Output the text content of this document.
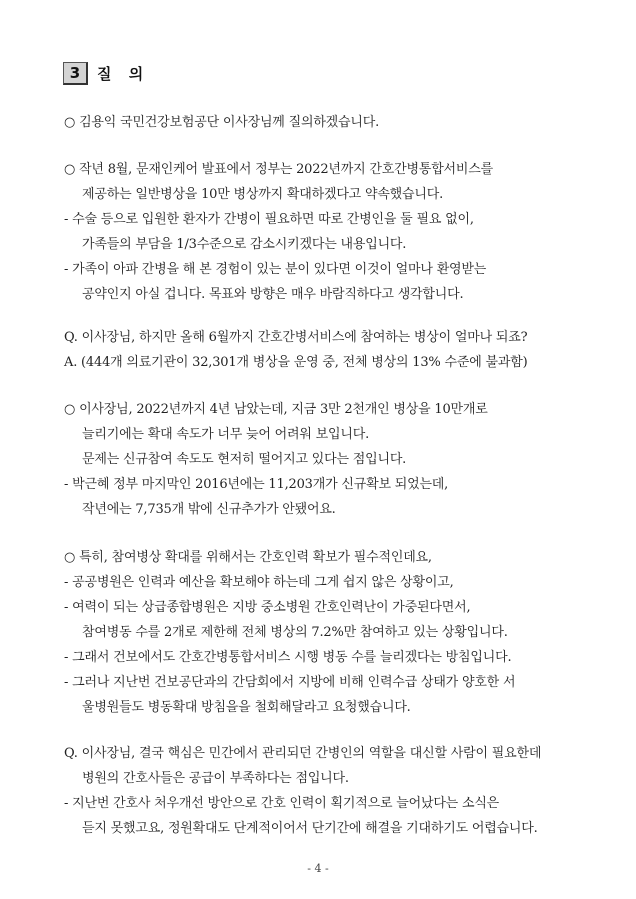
3	질 의
○ 김용익 국민건강보험공단 이사장님께 질의하겠습니다.
○ 작년 8월, 문재인케어 발표에서 정부는 2022년까지 간호간병통합서비스를
제공하는 일반병상을 10만 병상까지 확대하겠다고 약속했습니다.
- 수술 등으로 입원한 환자가 간병이 필요하면 따로 간병인을 둘 필요 없이,
가족들의 부담을 1/3수준으로 감소시키겠다는 내용입니다.
- 가족이 아파 간병을 해 본 경험이 있는 분이 있다면 이것이 얼마나 환영받는
공약인지 아실 겁니다. 목표와 방향은 매우 바람직하다고 생각합니다.
Q. 이사장님, 하지만 올해 6월까지 간호간병서비스에 참여하는 병상이 얼마나 되죠?
A. (444개 의료기관이 32,301개 병상을 운영 중, 전체 병상의 13% 수준에 불과함)
○ 이사장님, 2022년까지 4년 남았는데, 지금 3만 2천개인 병상을 10만개로
늘리기에는 확대 속도가 너무 늦어 어려워 보입니다.
문제는 신규참여 속도도 현저히 떨어지고 있다는 점입니다.
- 박근혜 정부 마지막인 2016년에는 11,203개가 신규확보 되었는데,
작년에는 7,735개 밖에 신규추가가 안됐어요.
○ 특히, 참여병상 확대를 위해서는 간호인력 확보가 필수적인데요,
- 공공병원은 인력과 예산을 확보해야 하는데 그게 쉽지 않은 상황이고,
- 여력이 되는 상급종합병원은 지방 중소병원 간호인력난이 가중된다면서,
참여병동 수를 2개로 제한해 전체 병상의 7.2%만 참여하고 있는 상황입니다.
- 그래서 건보에서도 간호간병통합서비스 시행 병동 수를 늘리겠다는 방침입니다.
- 그러나 지난번 건보공단과의 간담회에서 지방에 비해 인력수급 상태가 양호한 서
울병원들도 병동확대 방침을을 철회해달라고 요청했습니다.
Q. 이사장님, 결국 핵심은 민간에서 관리되던 간병인의 역할을 대신할 사람이 필요한데
병원의 간호사들은 공급이 부족하다는 점입니다.
- 지난번 간호사 처우개선 방안으로 간호 인력이 획기적으로 늘어났다는 소식은
듣지 못했고요, 정원확대도 단계적이어서 단기간에 해결을 기대하기도 어렵습니다.
- 4 -
